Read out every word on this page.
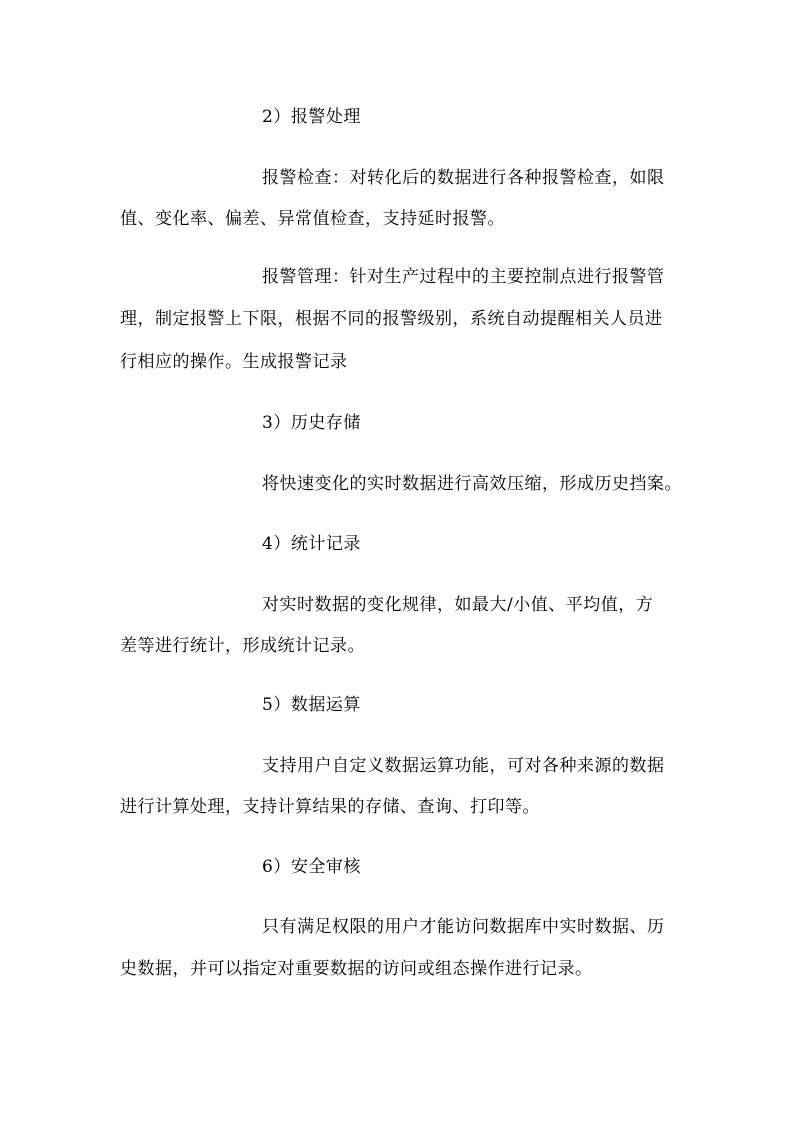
2）报警处理
报警检查：对转化后的数据进行各种报警检查，如限
值、变化率、偏差、异常值检查，支持延时报警。
报警管理：针对生产过程中的主要控制点进行报警管
理，制定报警上下限，根据不同的报警级别，系统自动提醒相关人员进
行相应的操作。生成报警记录
3）历史存储
将快速变化的实时数据进行高效压缩，形成历史挡案。
4）统计记录
对实时数据的变化规律，如最大/小值、平均值，方
差等进行统计，形成统计记录。
5）数据运算
支持用户自定义数据运算功能，可对各种来源的数据
进行计算处理，支持计算结果的存储、查询、打印等。
6）安全审核
只有满足权限的用户才能访问数据库中实时数据、历
史数据，并可以指定对重要数据的访问或组态操作进行记录。
